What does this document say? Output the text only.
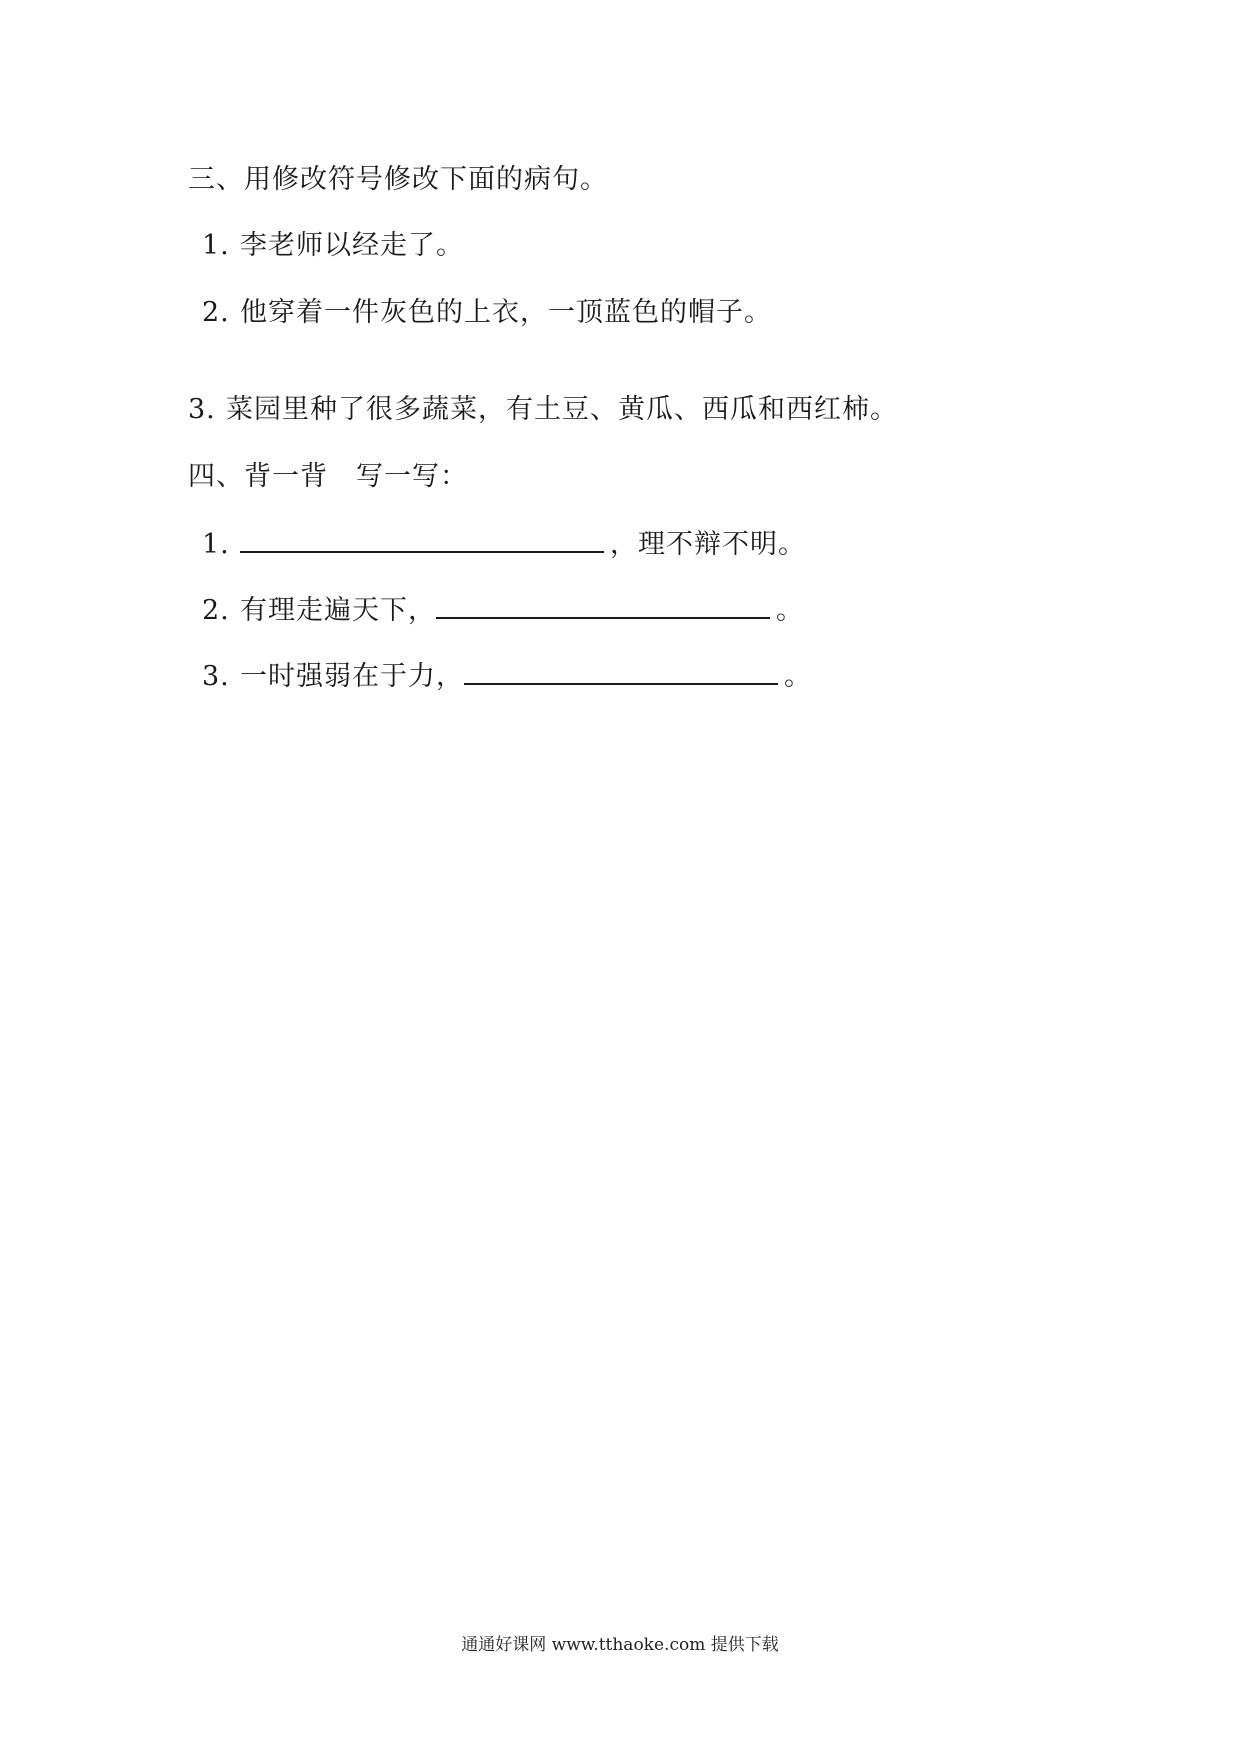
三、用修改符号修改下面的病句。
1. 李老师以经走了。
2. 他穿着一件灰色的上衣，一顶蓝色的帽子。
3. 菜园里种了很多蔬菜，有土豆、黄瓜、西瓜和西红柿。
四、背一背　写一写：
1.	，理不辩不明。
2. 有理走遍天下，	。
3. 一时强弱在于力，	。
通通好课网 www.tthaoke.com 提供下载
